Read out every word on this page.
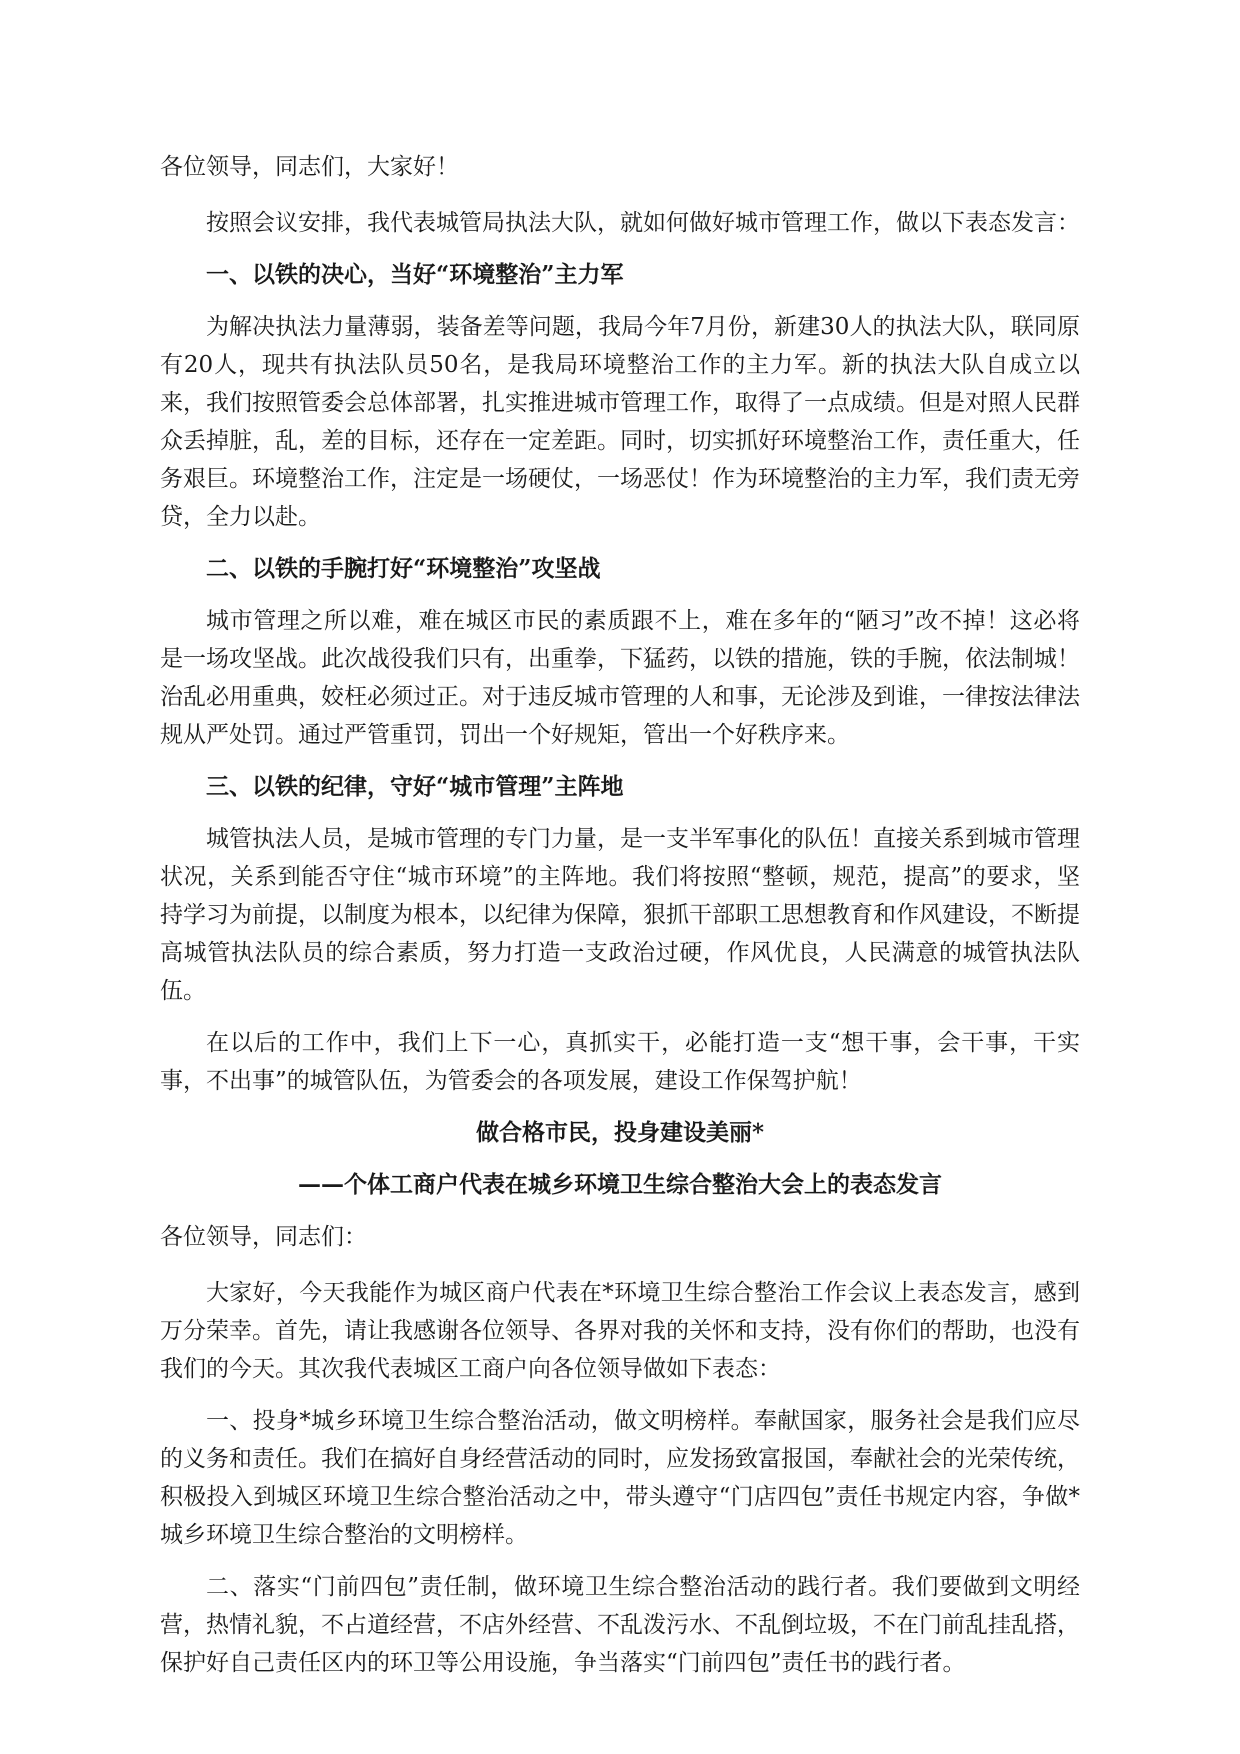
各位领导，同志们，大家好！

按照会议安排，我代表城管局执法大队，就如何做好城市管理工作，做以下表态发言：

一、以铁的决心，当好“环境整治”主力军

为解决执法力量薄弱，装备差等问题，我局今年7月份，新建30人的执法大队，联同原有20人，现共有执法队员50名，是我局环境整治工作的主力军。新的执法大队自成立以来，我们按照管委会总体部署，扎实推进城市管理工作，取得了一点成绩。但是对照人民群众丢掉脏，乱，差的目标，还存在一定差距。同时，切实抓好环境整治工作，责任重大，任务艰巨。环境整治工作，注定是一场硬仗，一场恶仗！作为环境整治的主力军，我们责无旁贷，全力以赴。

二、以铁的手腕打好“环境整治”攻坚战

城市管理之所以难，难在城区市民的素质跟不上，难在多年的“陋习”改不掉！这必将是一场攻坚战。此次战役我们只有，出重拳，下猛药，以铁的措施，铁的手腕，依法制城！治乱必用重典，姣枉必须过正。对于违反城市管理的人和事，无论涉及到谁，一律按法律法规从严处罚。通过严管重罚，罚出一个好规矩，管出一个好秩序来。

三、以铁的纪律，守好“城市管理”主阵地

城管执法人员，是城市管理的专门力量，是一支半军事化的队伍！直接关系到城市管理状况，关系到能否守住“城市环境”的主阵地。我们将按照“整顿，规范，提高”的要求，坚持学习为前提，以制度为根本，以纪律为保障，狠抓干部职工思想教育和作风建设，不断提高城管执法队员的综合素质，努力打造一支政治过硬，作风优良，人民满意的城管执法队伍。

在以后的工作中，我们上下一心，真抓实干，必能打造一支“想干事，会干事，干实事，不出事”的城管队伍，为管委会的各项发展，建设工作保驾护航！

做合格市民，投身建设美丽*

——个体工商户代表在城乡环境卫生综合整治大会上的表态发言

各位领导，同志们：

大家好，今天我能作为城区商户代表在*环境卫生综合整治工作会议上表态发言，感到万分荣幸。首先，请让我感谢各位领导、各界对我的关怀和支持，没有你们的帮助，也没有我们的今天。其次我代表城区工商户向各位领导做如下表态：

一、投身*城乡环境卫生综合整治活动，做文明榜样。奉献国家，服务社会是我们应尽的义务和责任。我们在搞好自身经营活动的同时，应发扬致富报国，奉献社会的光荣传统，积极投入到城区环境卫生综合整治活动之中，带头遵守“门店四包”责任书规定内容，争做*城乡环境卫生综合整治的文明榜样。

二、落实“门前四包”责任制，做环境卫生综合整治活动的践行者。我们要做到文明经营，热情礼貌，不占道经营，不店外经营、不乱泼污水、不乱倒垃圾，不在门前乱挂乱搭，保护好自己责任区内的环卫等公用设施，争当落实“门前四包”责任书的践行者。
